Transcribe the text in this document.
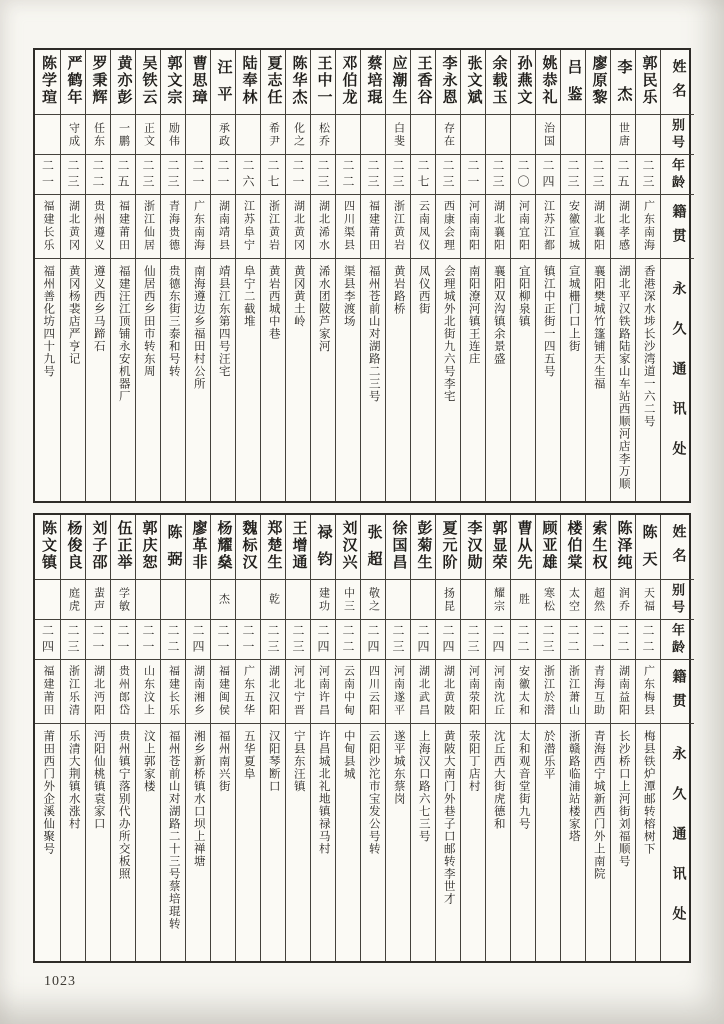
陈学瑄
二一
福建长乐
福州善化坊四十九号
严鹤年
守成
二三
湖北黄冈
黄冈杨裴店严亨记
罗秉辉
任东
二二
贵州遵义
遵义西乡马蹄石
黄亦彭
一鹏
二五
福建莆田
福建汪江顶铺永安机器厂
吴铁云
正文
二三
浙江仙居
仙居西乡田市转东周
郭文宗
励伟
二三
青海贵德
贵德东街三泰和号转
曹思璋
二一
广东南海
南海遵边乡福田村公所
汪平
承政
二一
湖南靖县
靖县江东第四号汪宅
陆奉林
二六
江苏阜宁
阜宁二截堆
夏志任
希尹
二七
浙江黄岩
黄岩西城中巷
陈华杰
化之
二一
湖北黄冈
黄冈黄土岭
王中一
松乔
二三
湖北浠水
浠水团陂芦家河
邓伯龙
二二
四川渠县
渠县李渡场
蔡培琨
二三
福建莆田
福州苍前山对湖路二三号
应潮生
白斐
二三
浙江黄岩
黄岩路桥
王香谷
二七
云南凤仪
凤仪西街
李永恩
存在
二三
西康会理
会理城外北街九六号李宅
张文斌
二一
河南南阳
南阳潦河镇王连庄
余载玉
二三
湖北襄阳
襄阳双沟镇余景盛
孙燕文
二〇
河南宜阳
宜阳柳泉镇
姚恭礼
治国
二四
江苏江都
镇江中正街一四五号
吕鉴
二三
安徽宣城
宣城栅门口上街
廖原黎
二三
湖北襄阳
襄阳樊城竹篷铺天生福
李杰
世唐
二五
湖北孝感
湖北平汉铁路陆家山车站西顺河店李万顺
郭民乐
二三
广东南海
香港深水埗长沙湾道一六二号
姓名
别号
年龄
籍贯
永久通讯处
陈文镇
二四
福建莆田
莆田西门外企溪仙聚号
杨俊良
庭虎
二三
浙江乐清
乐清大荆镇水涨村
刘子邵
蜚声
二一
湖北沔阳
沔阳仙桃镇袁家口
伍正举
学敏
二一
贵州郎岱
贵州镇宁落别代办所交板照
郭庆恕
二一
山东汶上
汶上郭家楼
陈弼
二二
福建长乐
福州苍前山对湖路二十三号蔡培琨转
廖革非
二四
湖南湘乡
湘乡新桥镇水口坝上禅塘
杨耀燊
杰
二一
福建闽侯
福州南兴街
魏标汉
二一
广东五华
五华夏阜
郑楚生
乾
二三
湖北汉阳
汉阳琴断口
王增通
二三
河北宁晋
宁县东汪镇
禄钧
建功
二四
河南许昌
许昌城北礼地镇禄马村
刘汉兴
中三
二二
云南中甸
中甸县城
张超
敬之
二四
四川云阳
云阳沙沱市宝发公号转
徐国昌
二三
河南遂平
遂平城东蔡岗
彭菊生
二四
湖北武昌
上海汉口路六七三号
夏元阶
扬昆
二四
湖北黄陂
黄陂大南门外巷子口邮转李世才
李汉勋
二三
河南荥阳
荥阳丁店村
郭显荣
耀宗
二四
河南沈丘
沈丘西大街虎德和
曹从先
胜
二二
安徽太和
太和观音堂街九号
顾亚雄
寒松
二三
浙江於潜
於潜乐平
楼伯棠
太空
二二
浙江萧山
浙赣路临浦站楼家塔
索生权
超然
二一
青海互助
青海西宁城新西门外上南院
陈泽纯
润乔
二二
湖南益阳
长沙桥口上河街刘福顺号
陈天
天福
二二
广东梅县
梅县铁炉潭邮转榕树下
姓名
别号
年龄
籍贯
永久通讯处
1023
